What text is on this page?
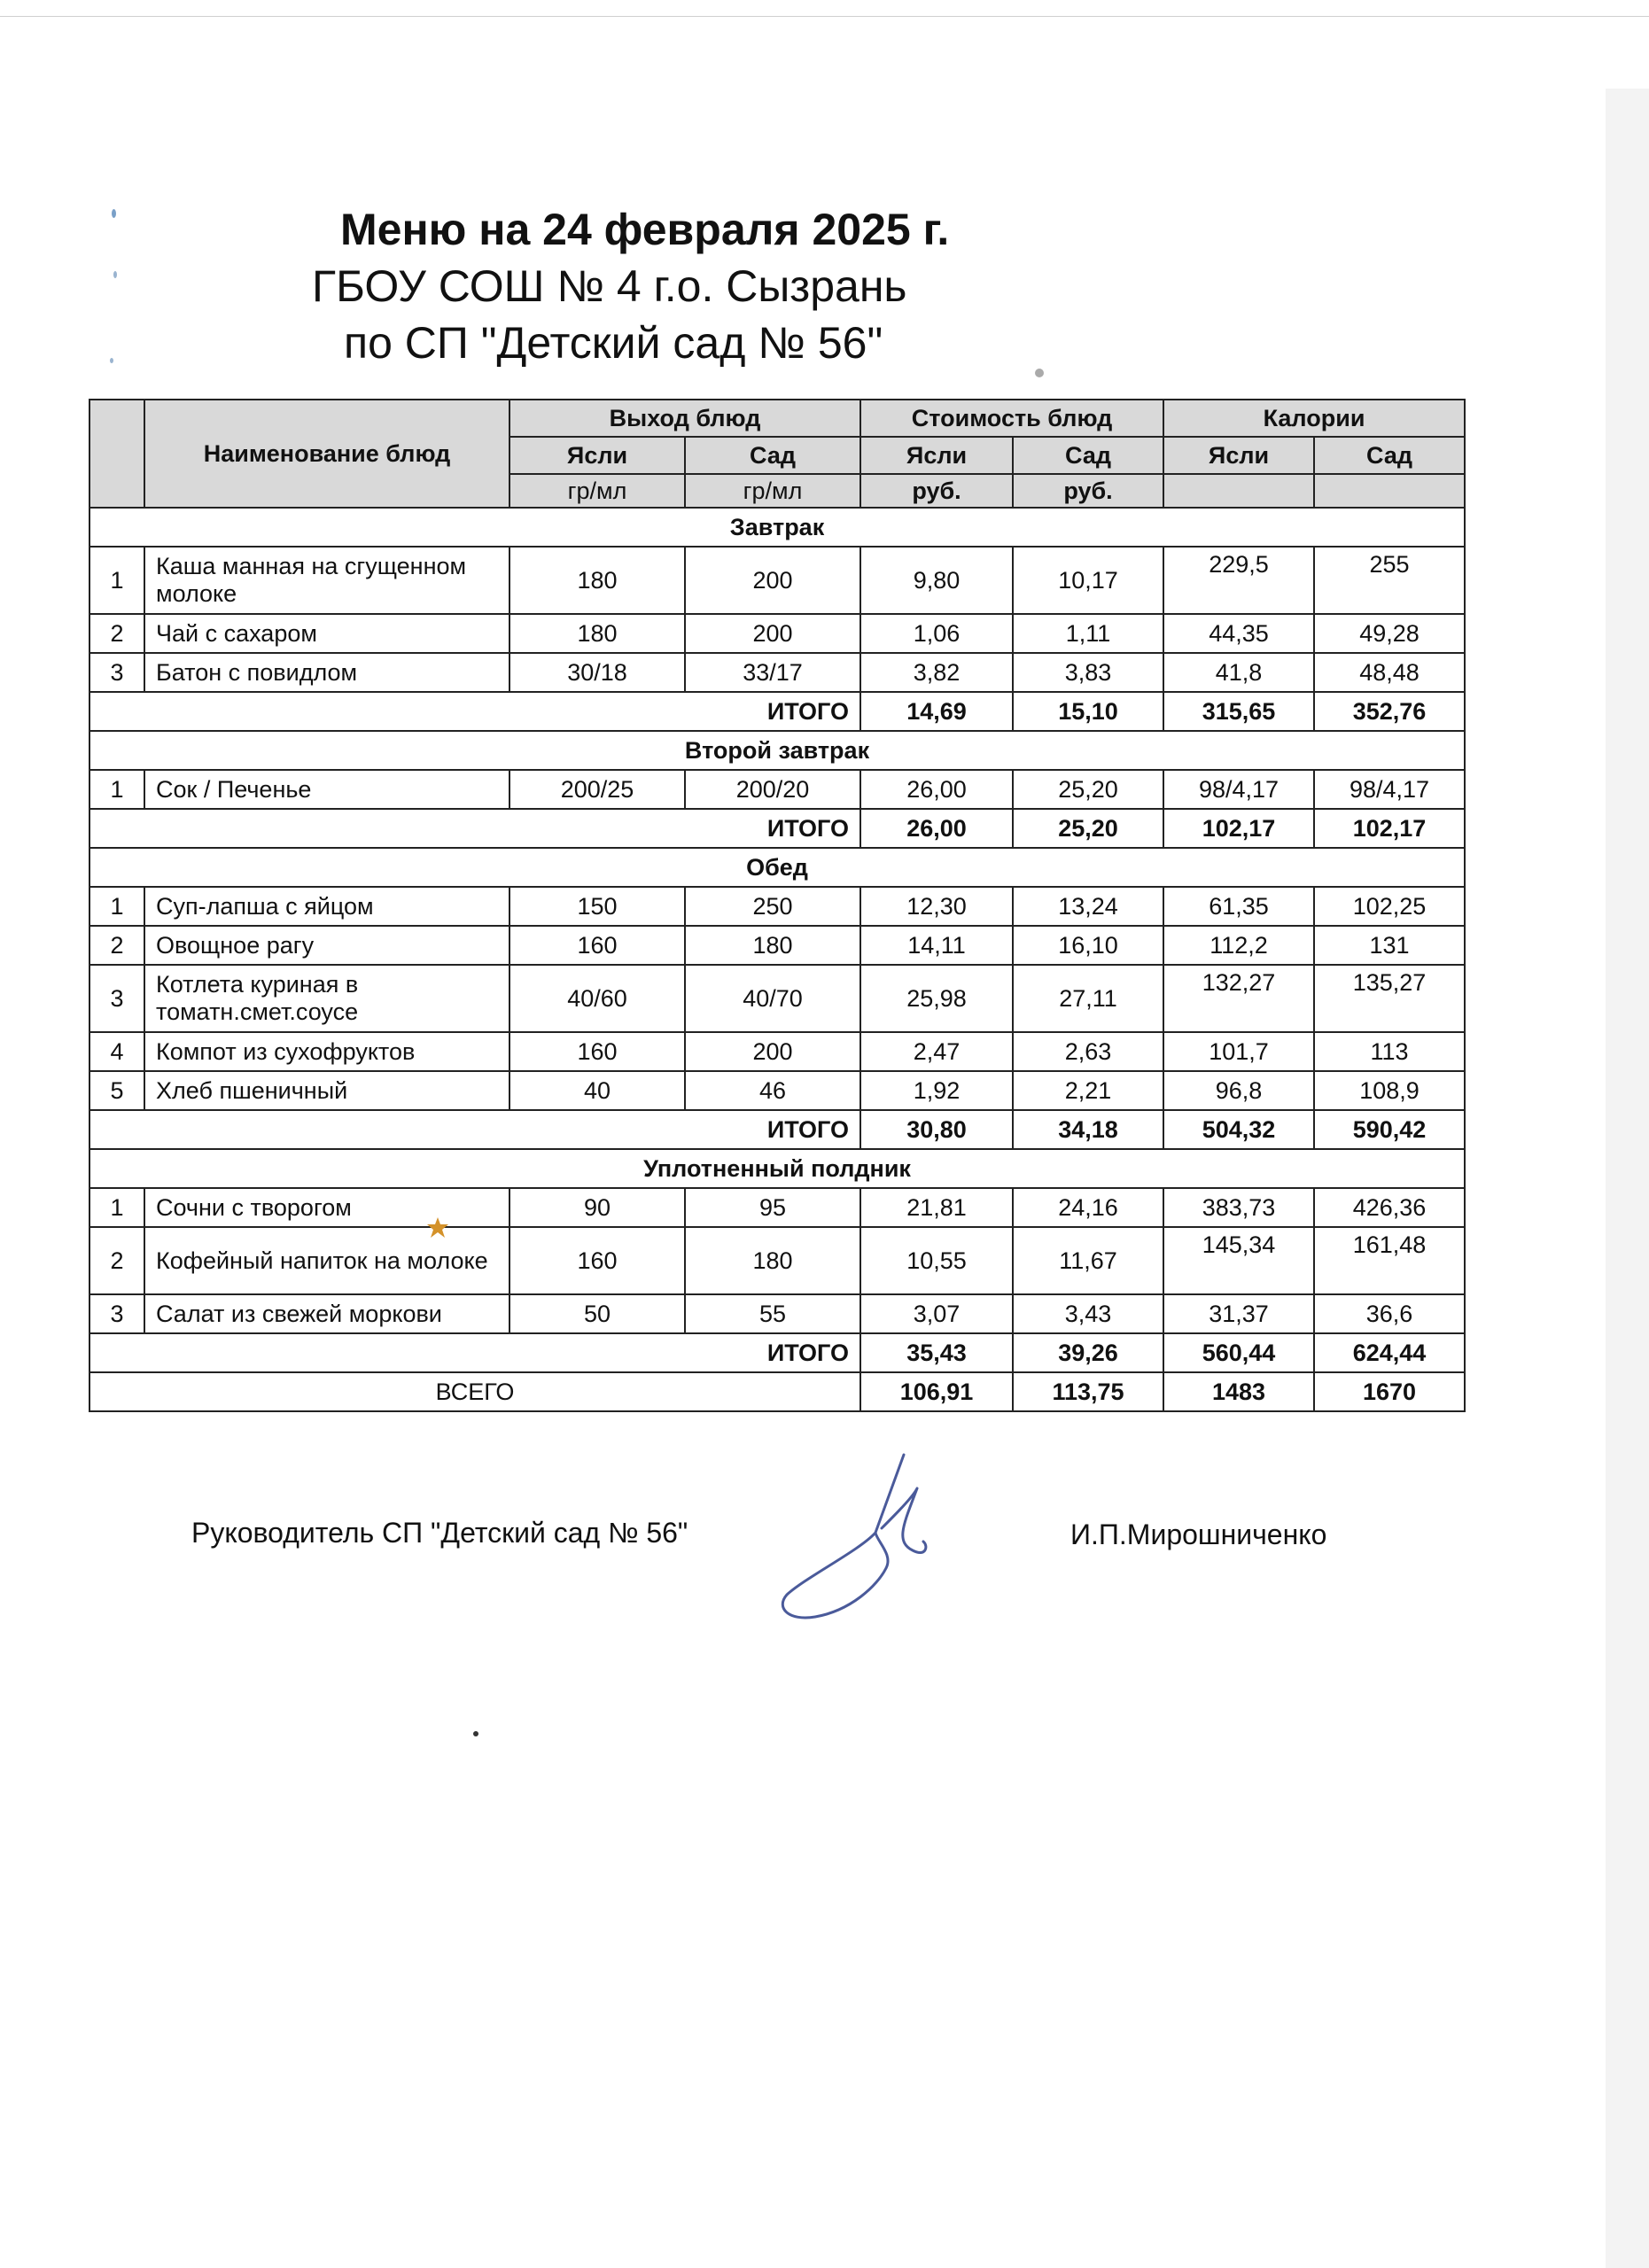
Меню на 24 февраля 2025 г.
ГБОУ СОШ № 4 г.о. Сызрань
по СП "Детский сад № 56"
	Наименование блюд	Выход блюд		Стоимость блюд		Калории	
		Ясли	Сад	Ясли	Сад	Ясли	Сад
		гр/мл	гр/мл	руб.	руб.		
Завтрак							
1	Каша манная на сгущенном молоке	180	200	9,80	10,17	229,5	255
2	Чай с сахаром	180	200	1,06	1,11	44,35	49,28
3	Батон с повидлом	30/18	33/17	3,82	3,83	41,8	48,48
ИТОГО				14,69	15,10	315,65	352,76
Второй завтрак							
1	Сок / Печенье	200/25	200/20	26,00	25,20	98/4,17	98/4,17
ИТОГО				26,00	25,20	102,17	102,17
Обед							
1	Суп-лапша с яйцом	150	250	12,30	13,24	61,35	102,25
2	Овощное рагу	160	180	14,11	16,10	112,2	131
3	Котлета куриная в томатн.смет.соусе	40/60	40/70	25,98	27,11	132,27	135,27
4	Компот из сухофруктов	160	200	2,47	2,63	101,7	113
5	Хлеб пшеничный	40	46	1,92	2,21	96,8	108,9
ИТОГО				30,80	34,18	504,32	590,42
Уплотненный полдник							
1	Сочни с творогом	90	95	21,81	24,16	383,73	426,36
2	Кофейный напиток на молоке	160	180	10,55	11,67	145,34	161,48
3	Салат из свежей моркови	50	55	3,07	3,43	31,37	36,6
ИТОГО				35,43	39,26	560,44	624,44
ВСЕГО				106,91	113,75	1483	1670
Руководитель СП "Детский сад № 56"	И.П.Мирошниченко
